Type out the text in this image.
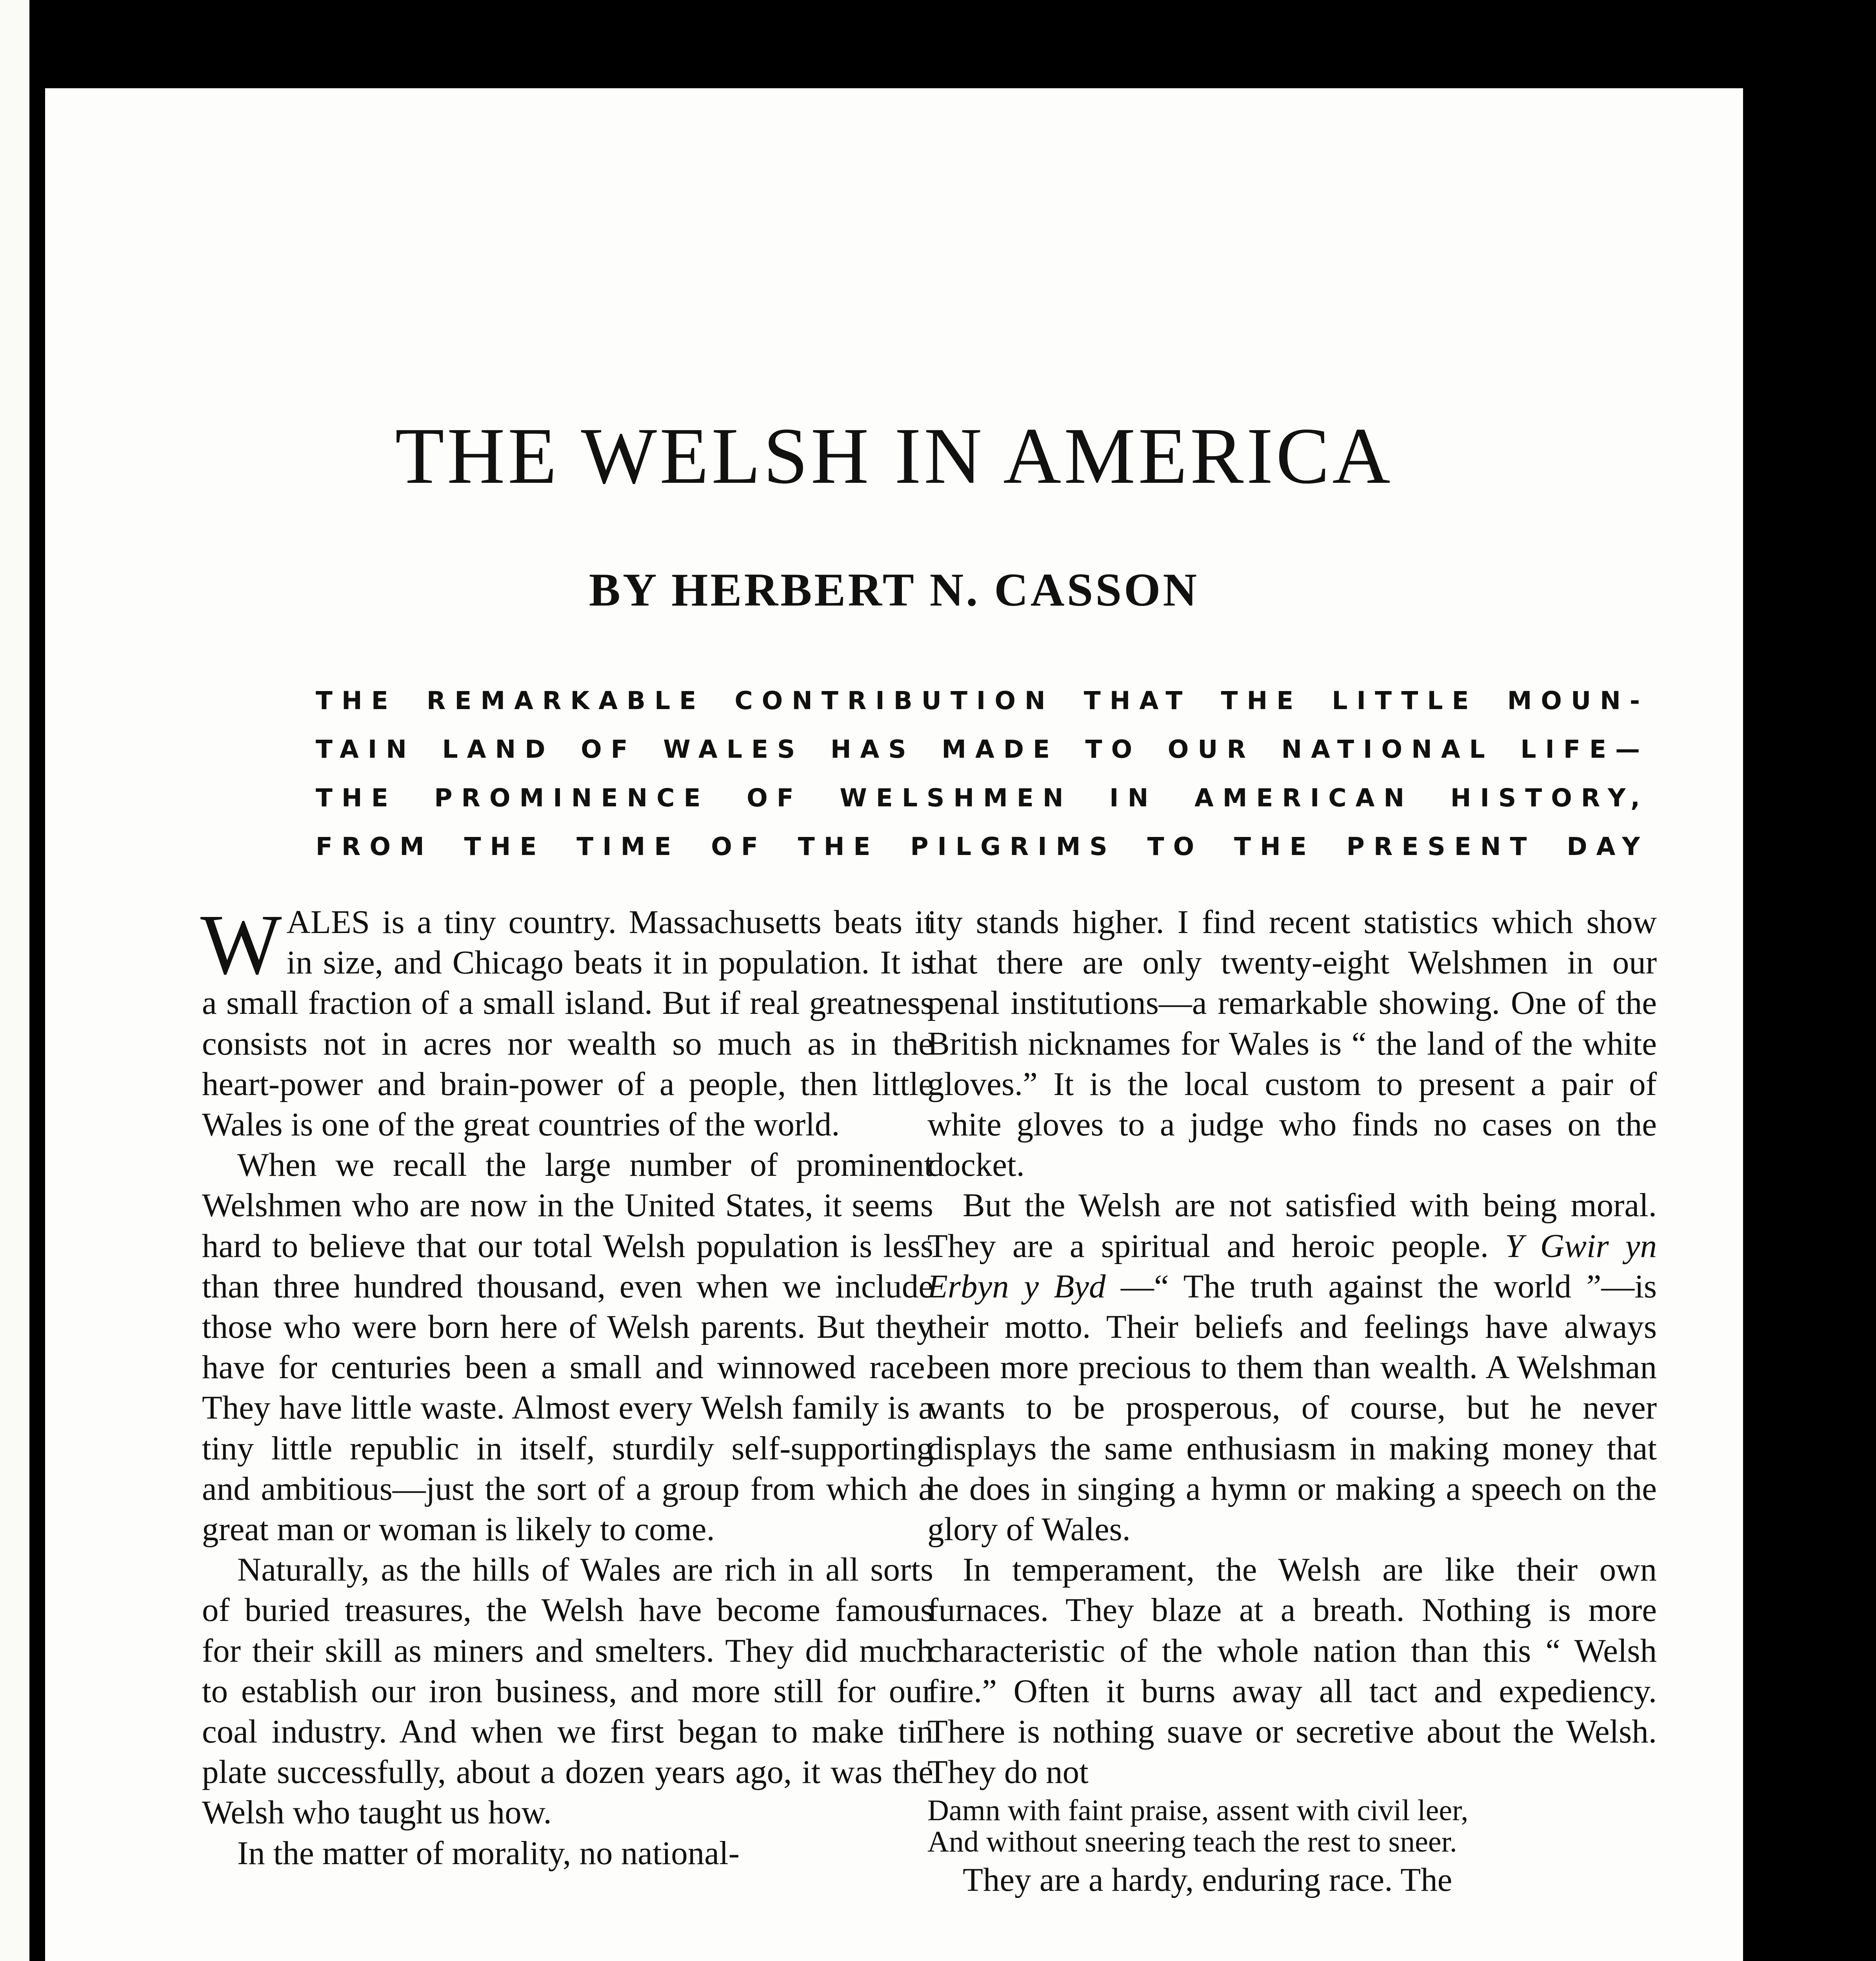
THE WELSH IN AMERICA
BY HERBERT N. CASSON
THE REMARKABLE CONTRIBUTION THAT THE LITTLE MOUN-
TAIN LAND OF WALES HAS MADE TO OUR NATIONAL LIFE—
THE PROMINENCE OF WELSHMEN IN AMERICAN HISTORY,
FROM THE TIME OF THE PILGRIMS TO THE PRESENT DAY

WALES is a tiny country. Massachusetts beats it in size, and Chicago beats it in population. It is a small fraction of a small island. But if real greatness consists not in acres nor wealth so much as in the heart-power and brain-power of a people, then little Wales is one of the great countries of the world.

When we recall the large number of prominent Welshmen who are now in the United States, it seems hard to believe that our total Welsh population is less than three hundred thousand, even when we include those who were born here of Welsh parents. But they have for centuries been a small and winnowed race. They have little waste. Almost every Welsh family is a tiny little republic in itself, sturdily self-supporting and ambitious—just the sort of a group from which a great man or woman is likely to come.

Naturally, as the hills of Wales are rich in all sorts of buried treasures, the Welsh have become famous for their skill as miners and smelters. They did much to establish our iron business, and more still for our coal industry. And when we first began to make tin plate successfully, about a dozen years ago, it was the Welsh who taught us how.

In the matter of morality, no national-

ity stands higher. I find recent statistics which show that there are only twenty-eight Welshmen in our penal institutions—a remarkable showing. One of the British nicknames for Wales is “ the land of the white gloves.” It is the local custom to present a pair of white gloves to a judge who finds no cases on the docket.

But the Welsh are not satisfied with being moral. They are a spiritual and heroic people. Y Gwir yn Erbyn y Byd —“ The truth against the world ”—is their motto. Their beliefs and feelings have always been more precious to them than wealth. A Welshman wants to be prosperous, of course, but he never displays the same enthusiasm in making money that he does in singing a hymn or making a speech on the glory of Wales.

In temperament, the Welsh are like their own furnaces. They blaze at a breath. Nothing is more characteristic of the whole nation than this “ Welsh fire.” Often it burns away all tact and expediency. There is nothing suave or secretive about the Welsh. They do not

Damn with faint praise, assent with civil leer,
And without sneering teach the rest to sneer.

They are a hardy, enduring race. The
